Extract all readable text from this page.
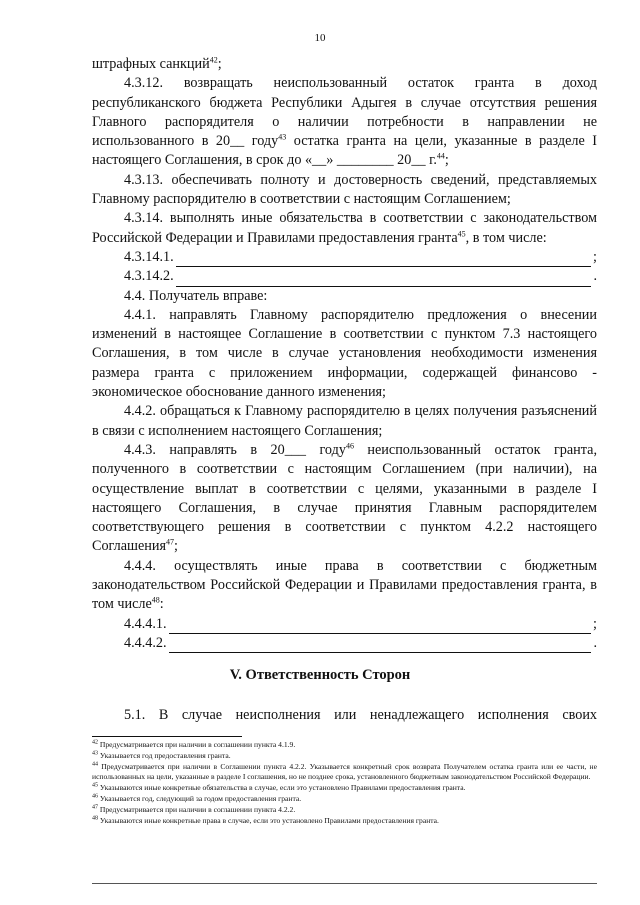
10

штрафных санкций$^{42}$;

4.3.12. возвращать неиспользованный остаток гранта в доход республиканского бюджета Республики Адыгея в случае отсутствия решения Главного распорядителя о наличии потребности в направлении не использованного в 20__ году$^{43}$ остатка гранта на цели, указанные в разделе I настоящего Соглашения, в срок до «__» ________ 20__ г.$^{44}$;

4.3.13. обеспечивать полноту и достоверность сведений, представляемых Главному распорядителю в соответствии с настоящим Соглашением;

4.3.14. выполнять иные обязательства в соответствии с законодательством Российской Федерации и Правилами предоставления гранта$^{45}$, в том числе:

4.3.14.1.	;
4.3.14.2.	.

4.4. Получатель вправе:

4.4.1. направлять Главному распорядителю предложения о внесении изменений в настоящее Соглашение в соответствии с пунктом 7.3 настоящего Соглашения, в том числе в случае установления необходимости изменения размера гранта с приложением информации, содержащей финансово - экономическое обоснование данного изменения;

4.4.2. обращаться к Главному распорядителю в целях получения разъяснений в связи с исполнением настоящего Соглашения;

4.4.3. направлять в 20___ году$^{46}$ неиспользованный остаток гранта, полученного в соответствии с настоящим Соглашением (при наличии), на осуществление выплат в соответствии с целями, указанными в разделе I настоящего Соглашения, в случае принятия Главным распорядителем соответствующего решения в соответствии с пунктом 4.2.2 настоящего Соглашения$^{47}$;

4.4.4. осуществлять иные права в соответствии с бюджетным законодательством Российской Федерации и Правилами предоставления гранта, в том числе$^{48}$:

4.4.4.1.	;
4.4.4.2.	.
V. Ответственность Сторон

5.1. В случае неисполнения или ненадлежащего исполнения своих

$^{42}$ Предусматривается при наличии в соглашении пункта 4.1.9.

$^{43}$ Указывается год предоставления гранта.

$^{44}$ Предусматривается при наличии в Соглашении пункта 4.2.2. Указывается конкретный срок возврата Получателем остатка гранта или ее части, не использованных на цели, указанные в разделе I соглашения, но не позднее срока, установленного бюджетным законодательством Российской Федерации.

$^{45}$ Указываются иные конкретные обязательства в случае, если это установлено Правилами предоставления гранта.

$^{46}$ Указывается год, следующий за годом предоставления гранта.

$^{47}$ Предусматривается при наличии в соглашении пункта 4.2.2.

$^{48}$ Указываются иные конкретные права в случае, если это установлено Правилами предоставления гранта.
